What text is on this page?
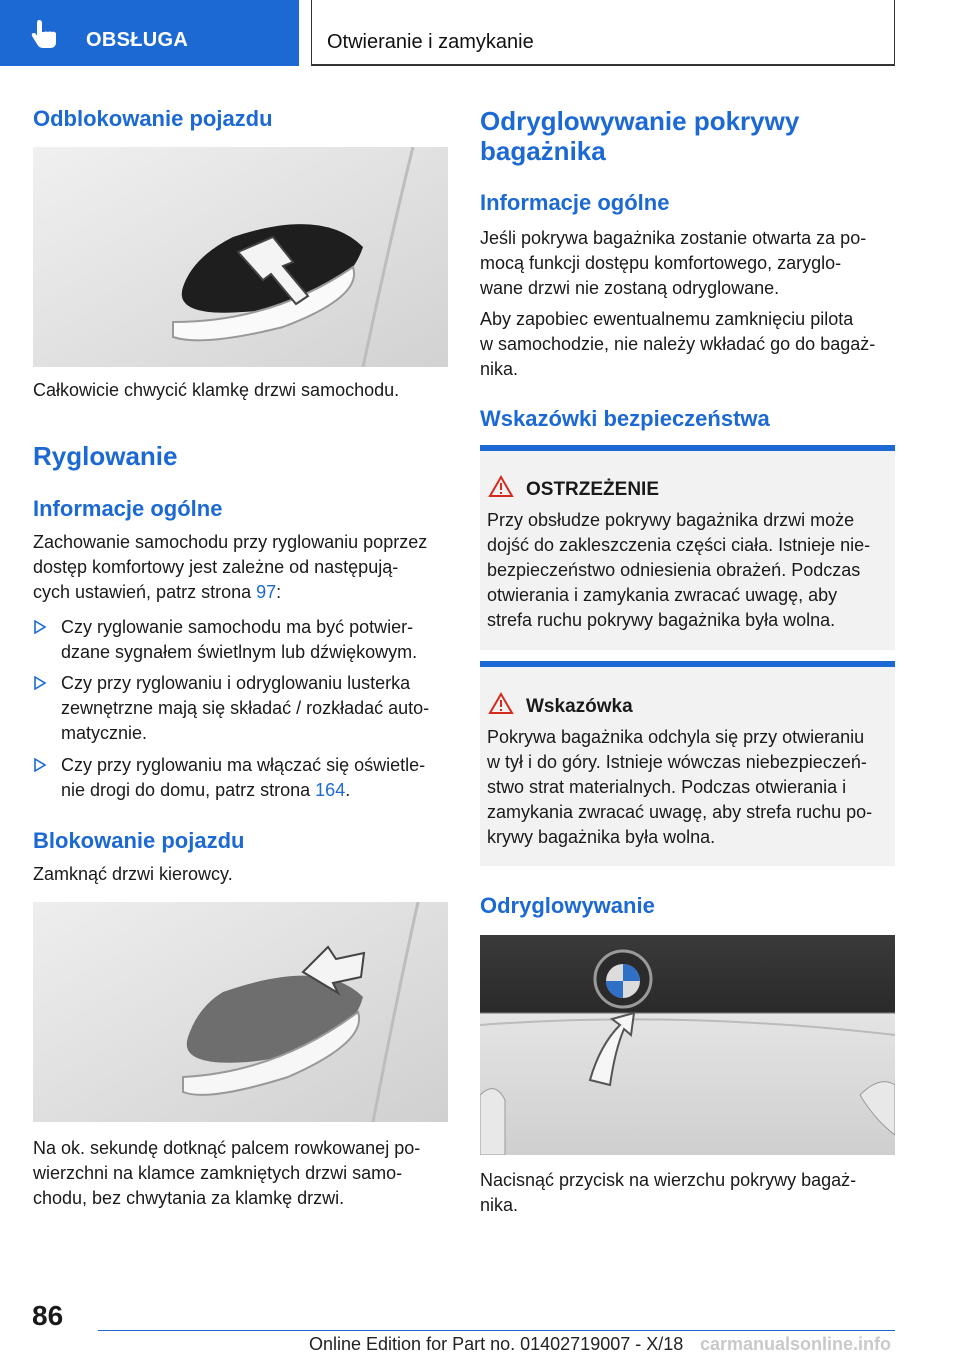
OBSŁUGA	Otwieranie i zamykanie
Odblokowanie pojazdu
Całkowicie chwycić klamkę drzwi samochodu.
Ryglowanie
Informacje ogólne
Zachowanie samochodu przy ryglowaniu poprzez
dostęp komfortowy jest zależne od następują-
cych ustawień, patrz strona 97:
Czy ryglowanie samochodu ma być potwier-
dzane sygnałem świetlnym lub dźwiękowym.
Czy przy ryglowaniu i odryglowaniu lusterka
zewnętrzne mają się składać / rozkładać auto-
matycznie.
Czy przy ryglowaniu ma włączać się oświetle-
nie drogi do domu, patrz strona 164.
Blokowanie pojazdu
Zamknąć drzwi kierowcy.
Na ok. sekundę dotknąć palcem rowkowanej po-
wierzchni na klamce zamkniętych drzwi samo-
chodu, bez chwytania za klamkę drzwi.
Odryglowywanie pokrywy
bagażnika
Informacje ogólne
Jeśli pokrywa bagażnika zostanie otwarta za po-
mocą funkcji dostępu komfortowego, zaryglo-
wane drzwi nie zostaną odryglowane.
Aby zapobiec ewentualnemu zamknięciu pilota
w samochodzie, nie należy wkładać go do bagaż-
nika.
Wskazówki bezpieczeństwa
OSTRZEŻENIE
Przy obsłudze pokrywy bagażnika drzwi może
dojść do zakleszczenia części ciała. Istnieje nie-
bezpieczeństwo odniesienia obrażeń. Podczas
otwierania i zamykania zwracać uwagę, aby
strefa ruchu pokrywy bagażnika była wolna.
Wskazówka
Pokrywa bagażnika odchyla się przy otwieraniu
w tył i do góry. Istnieje wówczas niebezpieczeń-
stwo strat materialnych. Podczas otwierania i
zamykania zwracać uwagę, aby strefa ruchu po-
krywy bagażnika była wolna.
Odryglowywanie
Nacisnąć przycisk na wierzchu pokrywy bagaż-
nika.
86
Online Edition for Part no. 01402719007 - X/18 carmanualsonline.info
